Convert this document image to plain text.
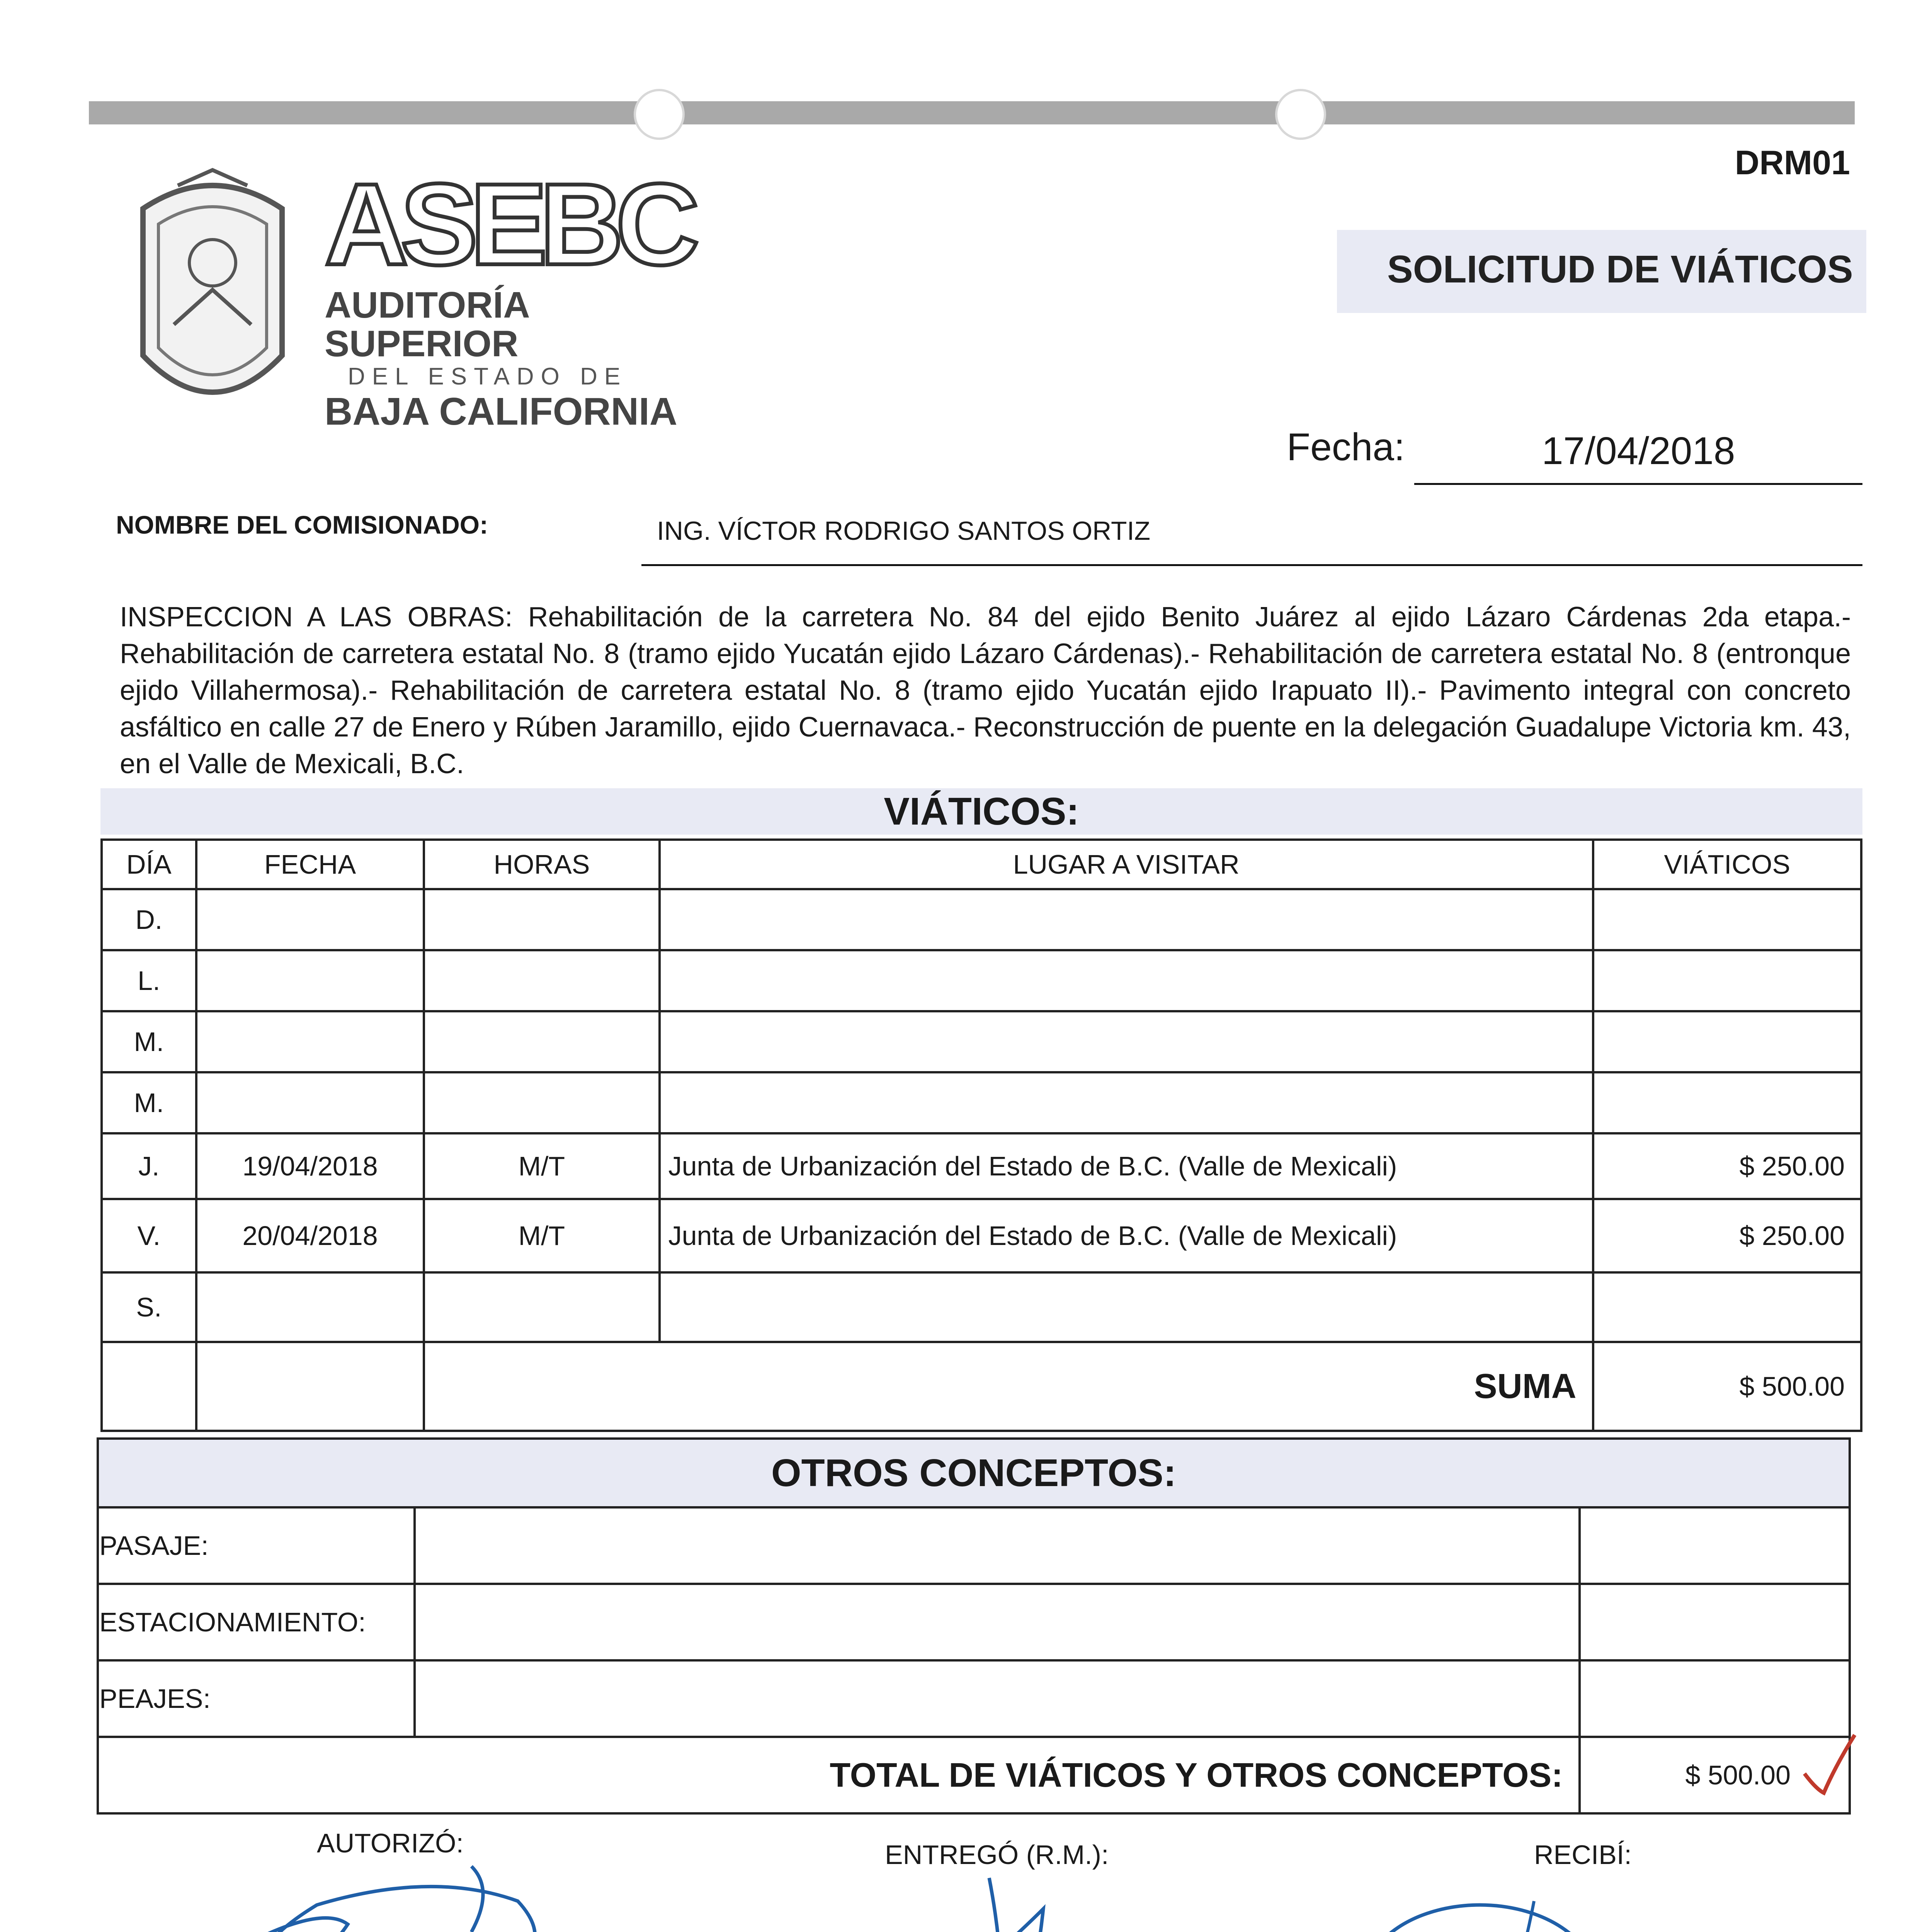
DRM01
ASEBC
AUDITORÍA SUPERIOR
DEL ESTADO DE
BAJA CALIFORNIA
SOLICITUD DE VIÁTICOS
Fecha:	17/04/2018
NOMBRE DEL COMISIONADO:	ING. VÍCTOR RODRIGO SANTOS ORTIZ
INSPECCION A LAS OBRAS: Rehabilitación de la carretera No. 84 del ejido Benito Juárez al ejido Lázaro Cárdenas 2da etapa.- Rehabilitación de carretera estatal No. 8 (tramo ejido Yucatán ejido Lázaro Cárdenas).- Rehabilitación de carretera estatal No. 8 (entronque ejido Villahermosa).- Rehabilitación de carretera estatal No. 8 (tramo ejido Yucatán ejido Irapuato II).- Pavimento integral con concreto asfáltico en calle 27 de Enero y Rúben Jaramillo, ejido Cuernavaca.- Reconstrucción de puente en la delegación Guadalupe Victoria km. 43, en el Valle de Mexicali, B.C.
VIÁTICOS:
DÍA	FECHA	HORAS	LUGAR A VISITAR	VIÁTICOS
D.				
L.				
M.				
M.				
J.	19/04/2018	M/T	Junta de Urbanización del Estado de B.C. (Valle de Mexicali)	$ 250.00
V.	20/04/2018	M/T	Junta de Urbanización del Estado de B.C. (Valle de Mexicali)	$ 250.00
S.				
		SUMA		$ 500.00
OTROS CONCEPTOS:		
PASAJE:		
ESTACIONAMIENTO:		
PEAJES:		
TOTAL DE VIÁTICOS Y OTROS CONCEPTOS:		$ 500.00
AUTORIZÓ:	ENTREGÓ (R.M.):	RECIBÍ:
